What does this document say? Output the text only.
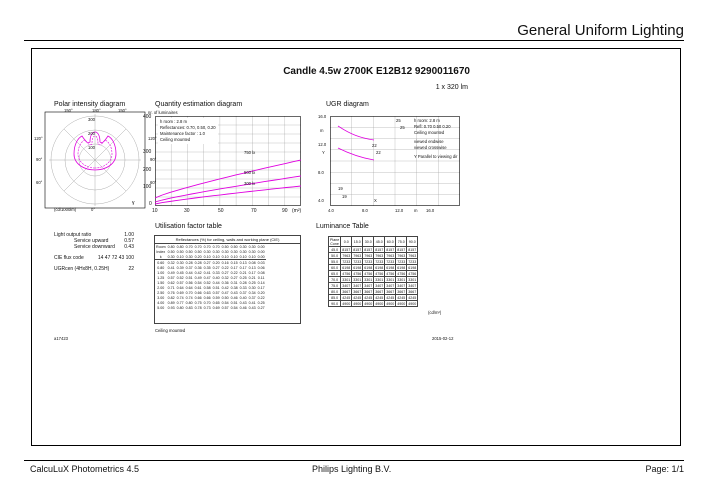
General Uniform Lighting
Candle 4.5w 2700K E12B12 9290011670
1 x 320 lm
Polar intensity diagram
γ
150°	180°	150°
120°	120°
90°	90°
60°	60°
300
200
100
(cd/1000lm)	0°
Quantity estimation diagram
nr. of luminaires
h room : 2.8 m
Reflectances: 0.70, 0.50, 0.20
Maintenance factor : 1.0
Ceiling mounted
750 lx
500 lx
300 lx
400
300
200
100
0
10	30	50	70	90 (m²)
UGR diagram
16.0
12.0
8.0
4.0
m
Y
4.0	8.0	12.0	m 16.0
X
25
25
22
22
19
19
h room: 2.8 m
Refl: 0.70 0.50 0.20
Ceiling mounted
viewed endwise
viewed crosswise
Y Parallel to viewing dir
Light output ratio	1.00
Service upward	0.57
Service downward 0.43
CIE flux code	14 47 72 43 100
UGRcen (4Hx8H, 0.25H)	22
Utilisation factor table
Reflectances (%) for ceiling, walls and working plane (CIE)
Room	0.80	0.80	0.70	0.70	0.70	0.70	0.50	0.50	0.30	0.30	0.00
Index	0.50	0.50	0.50	0.50	0.30	0.30	0.30	0.30	0.30	0.30	0.00
k	0.30	0.10	0.30	0.20	0.10	0.10	0.10	0.10	0.10	0.10	0.00
0.60	0.32	0.30	0.28	0.28	0.27	0.20	0.16	0.15	0.13	0.08	0.03
0.80	0.41	0.39	0.37	0.36	0.35	0.27	0.22	0.17	0.17	0.13	0.06
1.00	0.49	0.45	0.44	0.42	0.41	0.33	0.27	0.22	0.21	0.17	0.08
1.25	0.57	0.52	0.51	0.49	0.47	0.40	0.32	0.27	0.25	0.21	0.11
1.50	0.62	0.57	0.56	0.54	0.52	0.44	0.36	0.31	0.28	0.25	0.14
2.00	0.71	0.64	0.64	0.61	0.58	0.51	0.42	0.38	0.33	0.30	0.17
2.50	0.76	0.69	0.70	0.66	0.63	0.57	0.47	0.43	0.37	0.34	0.20
3.00	0.82	0.74	0.74	0.66	0.66	0.59	0.50	0.46	0.40	0.37	0.22
4.00	0.89	0.77	0.80	0.75	0.70	0.65	0.54	0.51	0.43	0.41	0.25
5.00	0.93	0.80	0.83	0.78	0.73	0.69	0.57	0.54	0.46	0.43	0.27
Ceiling mounted
Luminance Table
Plane
Cone	0.0	15.0	30.0	45.0	60.0	75.0	90.0
45.0	8157	8157	8157	8157	8157	8157	8157
50.0	7963	7963	7963	7963	7963	7963	7963
55.0	7233	7233	7233	7233	7233	7233	7233
60.0	6198	6198	6198	6198	6198	6198	6198
65.0	4756	4756	4756	4756	4756	4756	4756
70.0	3301	3301	3301	3301	3301	3301	3301
75.0	3407	3407	3407	3407	3407	3407	3407
80.0	3667	3667	3667	3667	3667	3667	3667
85.0	4245	4245	4245	4245	4245	4245	4245
90.0	4900	4900	4900	4900	4900	4900	4900
(cd/m²)
a17423	2015-02-12
CalcuLuX Photometrics 4.5	Philips Lighting B.V.	Page: 1/1
